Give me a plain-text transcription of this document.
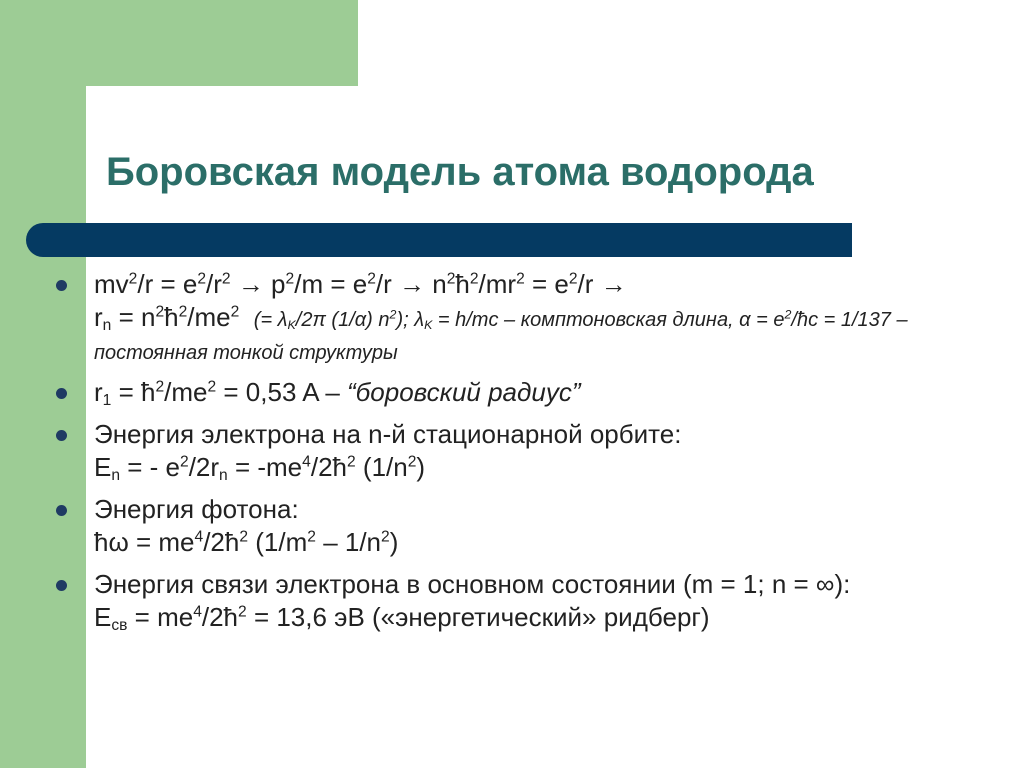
Боровская модель атома водорода
$mv^2/r = e^2/r^2 \to p^2/m = e^2/r$ → $n^2ħ^2/mr^2 = e^2/r$ →
$r_n$ = $n^2ħ^2/me^2$ (= $\lambda_K/2\pi$ (1/α) $n^2$); $\lambda_K = h/mc$ – комптоновская длина, $\alpha = e^2/ħc = 1/137$ – постоянная тонкой структуры
$r_1$ = $ħ^2/me^2 = 0,53$ A – “боровский радиус”
Энергия электрона на n-й стационарной орбите:
$E_n$ = - $e^2/2r_n$ = $-me^4/2ħ^2$ $(1/n^2)$
Энергия фотона:
ħω = $me^4/2ħ^2$ $(1/m^2 - 1/n^2)$
Энергия связи электрона в основном состоянии (m = 1; n = ∞):
$E_{св}$ = $me^4/2ħ^2 = 13,6$ эВ («энергетический» ридберг)
